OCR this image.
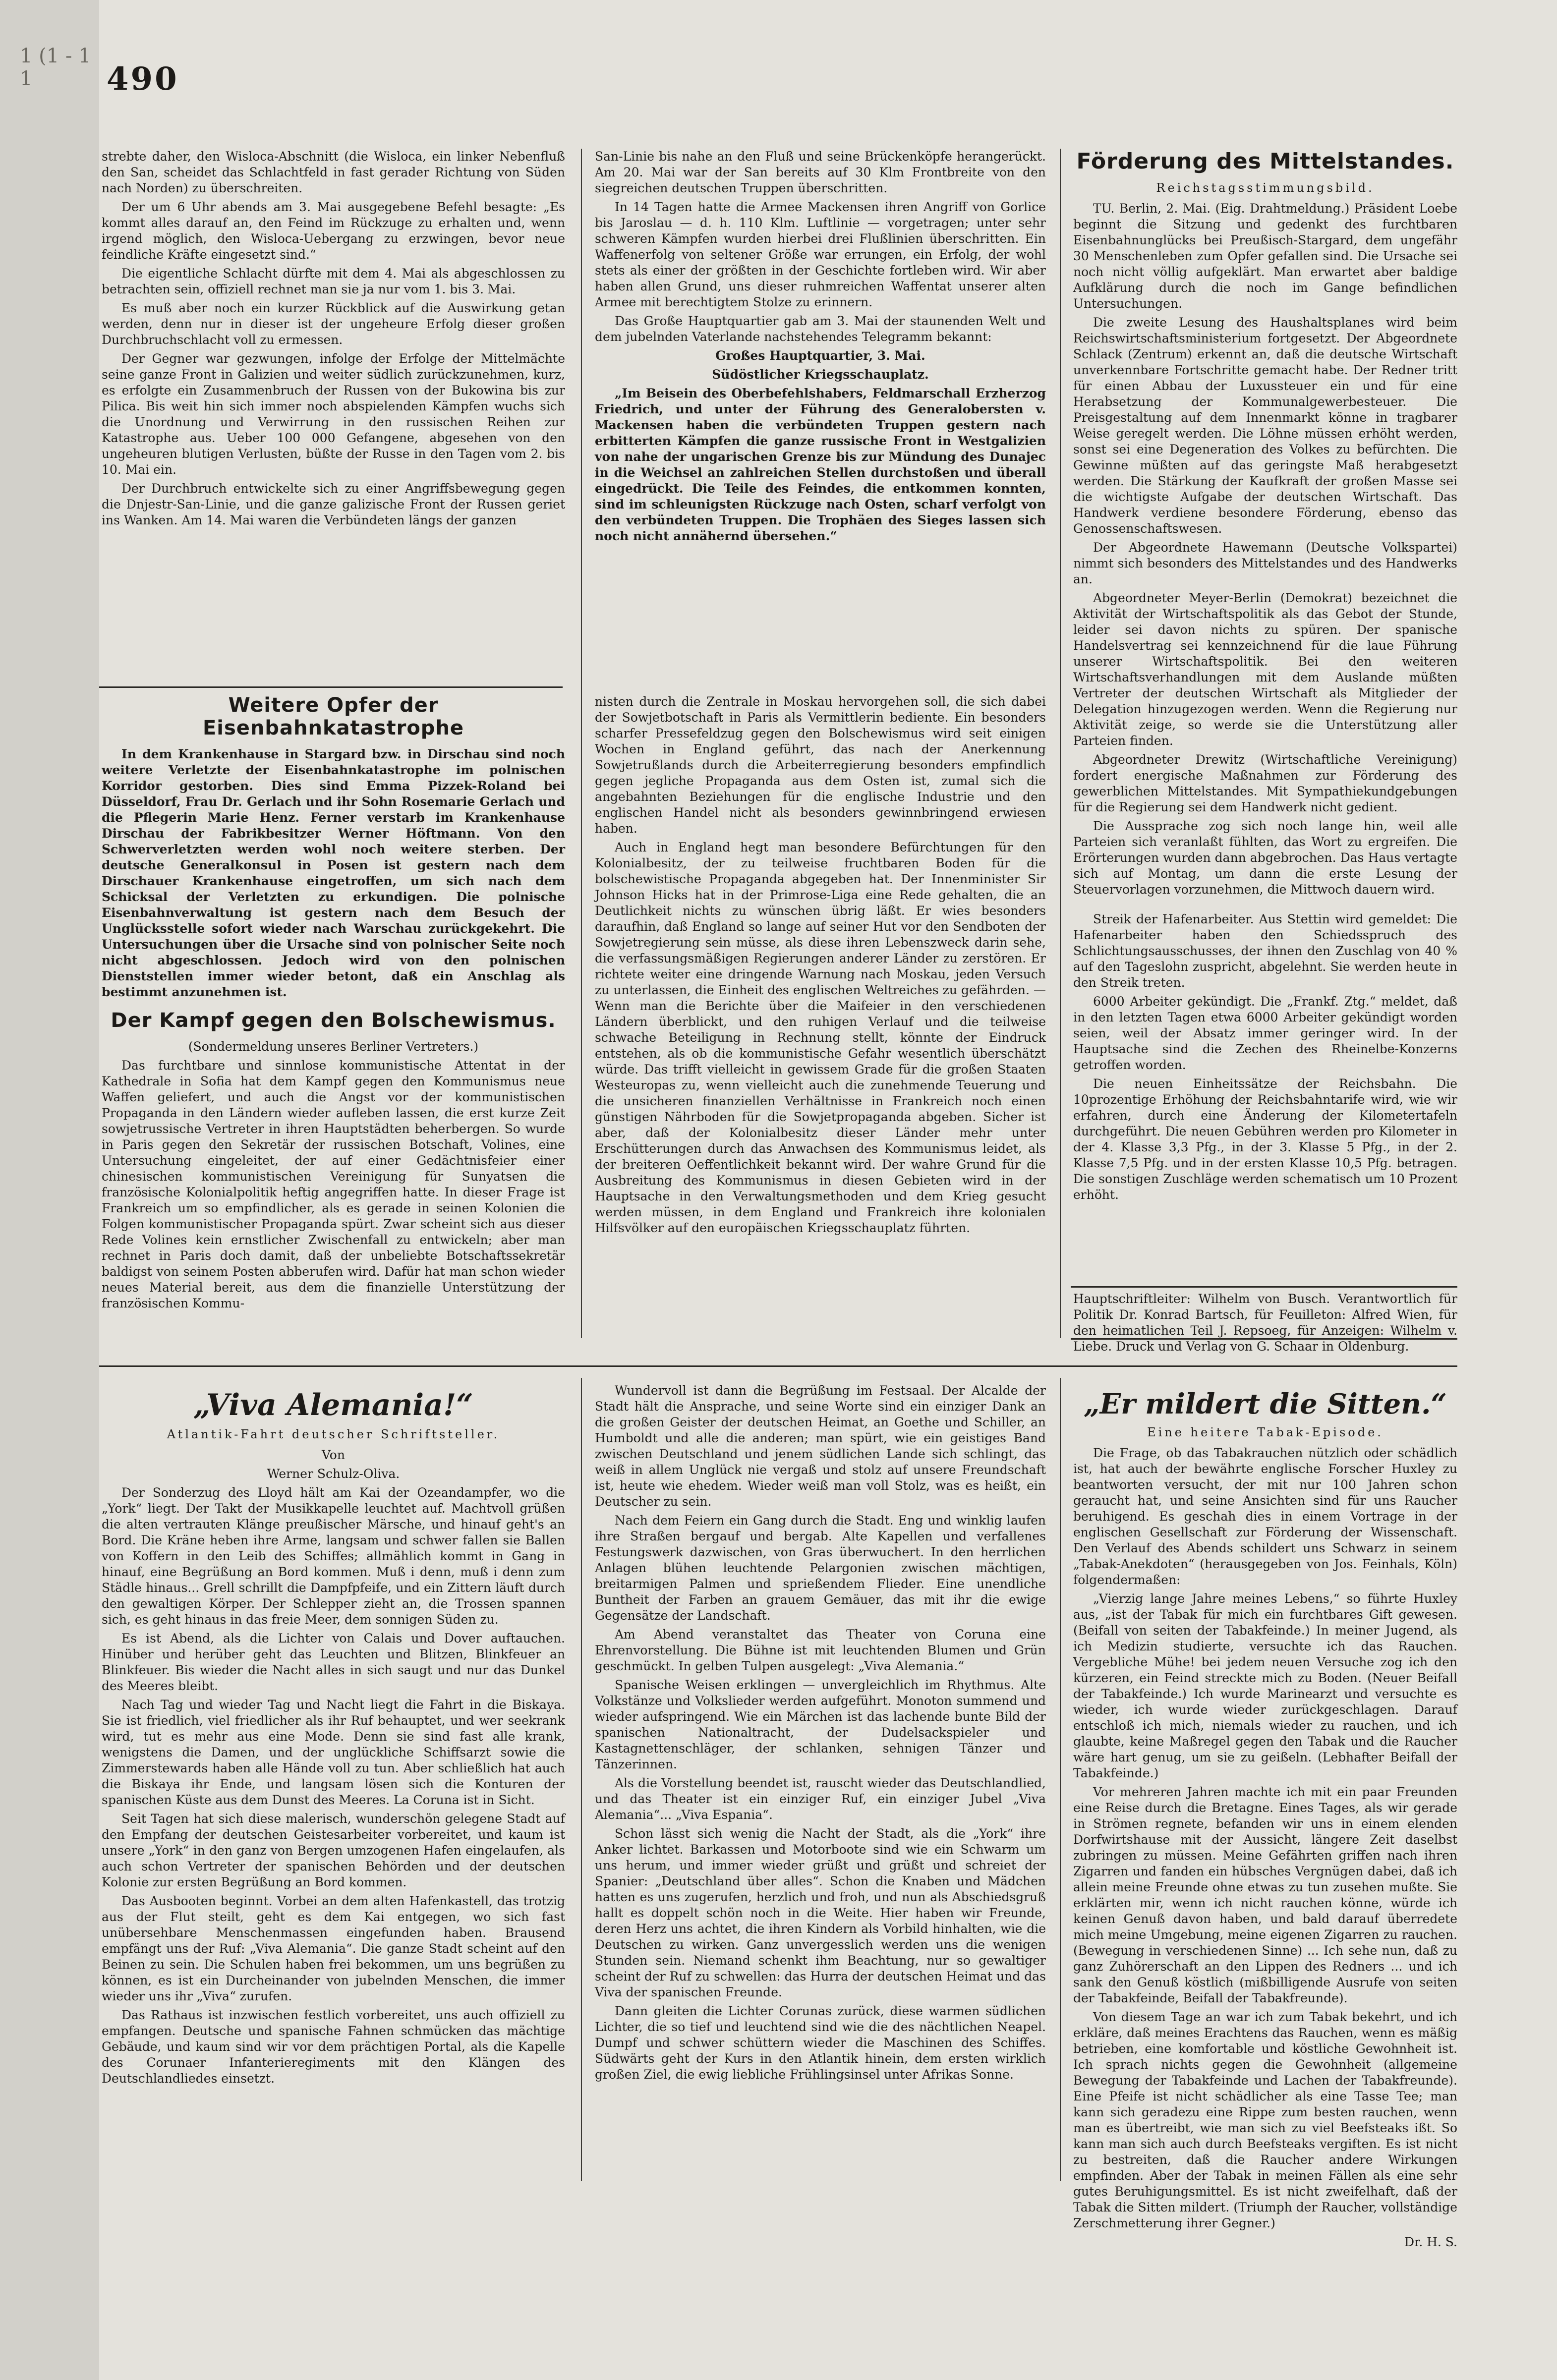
1 (1 - 1 1	490

strebte daher, den Wisloca-Abschnitt (die Wisloca, ein linker Nebenfluß den San, scheidet das Schlachtfeld in fast gerader Richtung von Süden nach Norden) zu überschreiten.

Der um 6 Uhr abends am 3. Mai ausgegebene Befehl besagte: „Es kommt alles darauf an, den Feind im Rückzuge zu erhalten und, wenn irgend möglich, den Wisloca-Uebergang zu erzwingen, bevor neue feindliche Kräfte eingesetzt sind.“

Die eigentliche Schlacht dürfte mit dem 4. Mai als abgeschlossen zu betrachten sein, offiziell rechnet man sie ja nur vom 1. bis 3. Mai.

Es muß aber noch ein kurzer Rückblick auf die Auswirkung getan werden, denn nur in dieser ist der ungeheure Erfolg dieser großen Durchbruchschlacht voll zu ermessen.

Der Gegner war gezwungen, infolge der Erfolge der Mittelmächte seine ganze Front in Galizien und weiter südlich zurückzunehmen, kurz, es erfolgte ein Zusammenbruch der Russen von der Bukowina bis zur Pilica. Bis weit hin sich immer noch abspielenden Kämpfen wuchs sich die Unordnung und Verwirrung in den russischen Reihen zur Katastrophe aus. Ueber 100 000 Gefangene, abgesehen von den ungeheuren blutigen Verlusten, büßte der Russe in den Tagen vom 2. bis 10. Mai ein.

Der Durchbruch entwickelte sich zu einer Angriffsbewegung gegen die Dnjestr-San-Linie, und die ganze galizische Front der Russen geriet ins Wanken. Am 14. Mai waren die Verbündeten längs der ganzen

San-Linie bis nahe an den Fluß und seine Brückenköpfe herangerückt. Am 20. Mai war der San bereits auf 30 Klm Frontbreite von den siegreichen deutschen Truppen überschritten.

In 14 Tagen hatte die Armee Mackensen ihren Angriff von Gorlice bis Jaroslau — d. h. 110 Klm. Luftlinie — vorgetragen; unter sehr schweren Kämpfen wurden hierbei drei Flußlinien überschritten. Ein Waffenerfolg von seltener Größe war errungen, ein Erfolg, der wohl stets als einer der größten in der Geschichte fortleben wird. Wir aber haben allen Grund, uns dieser ruhmreichen Waffentat unserer alten Armee mit berechtigtem Stolze zu erinnern.

Das Große Hauptquartier gab am 3. Mai der staunenden Welt und dem jubelnden Vaterlande nachstehendes Telegramm bekannt:

Großes Hauptquartier, 3. Mai.

Südöstlicher Kriegsschauplatz.

„Im Beisein des Oberbefehlshabers, Feldmarschall Erzherzog Friedrich, und unter der Führung des Generalobersten v. Mackensen haben die verbündeten Truppen gestern nach erbitterten Kämpfen die ganze russische Front in Westgalizien von nahe der ungarischen Grenze bis zur Mündung des Dunajec in die Weichsel an zahlreichen Stellen durchstoßen und überall eingedrückt. Die Teile des Feindes, die entkommen konnten, sind im schleunigsten Rückzuge nach Osten, scharf verfolgt von den verbündeten Truppen. Die Trophäen des Sieges lassen sich noch nicht annähernd übersehen.“

Förderung des Mittelstandes.
Reichstagsstimmungsbild.

TU. Berlin, 2. Mai. (Eig. Drahtmeldung.) Präsident Loebe beginnt die Sitzung und gedenkt des furchtbaren Eisenbahnunglücks bei Preußisch-Stargard, dem ungefähr 30 Menschenleben zum Opfer gefallen sind. Die Ursache sei noch nicht völlig aufgeklärt. Man erwartet aber baldige Aufklärung durch die noch im Gange befindlichen Untersuchungen.

Die zweite Lesung des Haushaltsplanes wird beim Reichswirtschaftsministerium fortgesetzt. Der Abgeordnete Schlack (Zentrum) erkennt an, daß die deutsche Wirtschaft unverkennbare Fortschritte gemacht habe. Der Redner tritt für einen Abbau der Luxussteuer ein und für eine Herabsetzung der Kommunalgewerbesteuer. Die Preisgestaltung auf dem Innenmarkt könne in tragbarer Weise geregelt werden. Die Löhne müssen erhöht werden, sonst sei eine Degeneration des Volkes zu befürchten. Die Gewinne müßten auf das geringste Maß herabgesetzt werden. Die Stärkung der Kaufkraft der großen Masse sei die wichtigste Aufgabe der deutschen Wirtschaft. Das Handwerk verdiene besondere Förderung, ebenso das Genossenschaftswesen.

Der Abgeordnete Hawemann (Deutsche Volkspartei) nimmt sich besonders des Mittelstandes und des Handwerks an.

Abgeordneter Meyer-Berlin (Demokrat) bezeichnet die Aktivität der Wirtschaftspolitik als das Gebot der Stunde, leider sei davon nichts zu spüren. Der spanische Handelsvertrag sei kennzeichnend für die laue Führung unserer Wirtschaftspolitik. Bei den weiteren Wirtschaftsverhandlungen mit dem Auslande müßten Vertreter der deutschen Wirtschaft als Mitglieder der Delegation hinzugezogen werden. Wenn die Regierung nur Aktivität zeige, so werde sie die Unterstützung aller Parteien finden.

Abgeordneter Drewitz (Wirtschaftliche Vereinigung) fordert energische Maßnahmen zur Förderung des gewerblichen Mittelstandes. Mit Sympathiekundgebungen für die Regierung sei dem Handwerk nicht gedient.

Die Aussprache zog sich noch lange hin, weil alle Parteien sich veranlaßt fühlten, das Wort zu ergreifen. Die Erörterungen wurden dann abgebrochen. Das Haus vertagte sich auf Montag, um dann die erste Lesung der Steuervorlagen vorzunehmen, die Mittwoch dauern wird.

Streik der Hafenarbeiter. Aus Stettin wird gemeldet: Die Hafenarbeiter haben den Schiedsspruch des Schlichtungsausschusses, der ihnen den Zuschlag von 40 % auf den Tageslohn zuspricht, abgelehnt. Sie werden heute in den Streik treten.

6000 Arbeiter gekündigt. Die „Frankf. Ztg.“ meldet, daß in den letzten Tagen etwa 6000 Arbeiter gekündigt worden seien, weil der Absatz immer geringer wird. In der Hauptsache sind die Zechen des Rheinelbe-Konzerns getroffen worden.

Die neuen Einheitssätze der Reichsbahn. Die 10prozentige Erhöhung der Reichsbahntarife wird, wie wir erfahren, durch eine Änderung der Kilometertafeln durchgeführt. Die neuen Gebühren werden pro Kilometer in der 4. Klasse 3,3 Pfg., in der 3. Klasse 5 Pfg., in der 2. Klasse 7,5 Pfg. und in der ersten Klasse 10,5 Pfg. betragen. Die sonstigen Zuschläge werden schematisch um 10 Prozent erhöht.

Hauptschriftleiter: Wilhelm von Busch. Verantwortlich für Politik Dr. Konrad Bartsch, für Feuilleton: Alfred Wien, für den heimatlichen Teil J. Repsoeg, für Anzeigen: Wilhelm v. Liebe. Druck und Verlag von G. Schaar in Oldenburg.

Weitere Opfer der Eisenbahnkatastrophe

In dem Krankenhause in Stargard bzw. in Dirschau sind noch weitere Verletzte der Eisenbahnkatastrophe im polnischen Korridor gestorben. Dies sind Emma Pizzek-Roland bei Düsseldorf, Frau Dr. Gerlach und ihr Sohn Rosemarie Gerlach und die Pflegerin Marie Henz. Ferner verstarb im Krankenhause Dirschau der Fabrikbesitzer Werner Höftmann. Von den Schwerverletzten werden wohl noch weitere sterben. Der deutsche Generalkonsul in Posen ist gestern nach dem Dirschauer Krankenhause eingetroffen, um sich nach dem Schicksal der Verletzten zu erkundigen. Die polnische Eisenbahnverwaltung ist gestern nach dem Besuch der Unglücksstelle sofort wieder nach Warschau zurückgekehrt. Die Untersuchungen über die Ursache sind von polnischer Seite noch nicht abgeschlossen. Jedoch wird von den polnischen Dienststellen immer wieder betont, daß ein Anschlag als bestimmt anzunehmen ist.

Der Kampf gegen den Bolschewismus.

(Sondermeldung unseres Berliner Vertreters.)

Das furchtbare und sinnlose kommunistische Attentat in der Kathedrale in Sofia hat dem Kampf gegen den Kommunismus neue Waffen geliefert, und auch die Angst vor der kommunistischen Propaganda in den Ländern wieder aufleben lassen, die erst kurze Zeit sowjetrussische Vertreter in ihren Hauptstädten beherbergen. So wurde in Paris gegen den Sekretär der russischen Botschaft, Volines, eine Untersuchung eingeleitet, der auf einer Gedächtnisfeier einer chinesischen kommunistischen Vereinigung für Sunyatsen die französische Kolonialpolitik heftig angegriffen hatte. In dieser Frage ist Frankreich um so empfindlicher, als es gerade in seinen Kolonien die Folgen kommunistischer Propaganda spürt. Zwar scheint sich aus dieser Rede Volines kein ernstlicher Zwischenfall zu entwickeln; aber man rechnet in Paris doch damit, daß der unbeliebte Botschaftssekretär baldigst von seinem Posten abberufen wird. Dafür hat man schon wieder neues Material bereit, aus dem die finanzielle Unterstützung der französischen Kommu-

nisten durch die Zentrale in Moskau hervorgehen soll, die sich dabei der Sowjetbotschaft in Paris als Vermittlerin bediente. Ein besonders scharfer Pressefeldzug gegen den Bolschewismus wird seit einigen Wochen in England geführt, das nach der Anerkennung Sowjetrußlands durch die Arbeiterregierung besonders empfindlich gegen jegliche Propaganda aus dem Osten ist, zumal sich die angebahnten Beziehungen für die englische Industrie und den englischen Handel nicht als besonders gewinnbringend erwiesen haben.

Auch in England hegt man besondere Befürchtungen für den Kolonialbesitz, der zu teilweise fruchtbaren Boden für die bolschewistische Propaganda abgegeben hat. Der Innenminister Sir Johnson Hicks hat in der Primrose-Liga eine Rede gehalten, die an Deutlichkeit nichts zu wünschen übrig läßt. Er wies besonders daraufhin, daß England so lange auf seiner Hut vor den Sendboten der Sowjetregierung sein müsse, als diese ihren Lebenszweck darin sehe, die verfassungsmäßigen Regierungen anderer Länder zu zerstören. Er richtete weiter eine dringende Warnung nach Moskau, jeden Versuch zu unterlassen, die Einheit des englischen Weltreiches zu gefährden. — Wenn man die Berichte über die Maifeier in den verschiedenen Ländern überblickt, und den ruhigen Verlauf und die teilweise schwache Beteiligung in Rechnung stellt, könnte der Eindruck entstehen, als ob die kommunistische Gefahr wesentlich überschätzt würde. Das trifft vielleicht in gewissem Grade für die großen Staaten Westeuropas zu, wenn vielleicht auch die zunehmende Teuerung und die unsicheren finanziellen Verhältnisse in Frankreich noch einen günstigen Nährboden für die Sowjetpropaganda abgeben. Sicher ist aber, daß der Kolonialbesitz dieser Länder mehr unter Erschütterungen durch das Anwachsen des Kommunismus leidet, als der breiteren Oeffentlichkeit bekannt wird. Der wahre Grund für die Ausbreitung des Kommunismus in diesen Gebieten wird in der Hauptsache in den Verwaltungsmethoden und dem Krieg gesucht werden müssen, in dem England und Frankreich ihre kolonialen Hilfsvölker auf den europäischen Kriegsschauplatz führten.

„Viva Alemania!“
Atlantik-Fahrt deutscher Schriftsteller.

Von

Werner Schulz-Oliva.

Der Sonderzug des Lloyd hält am Kai der Ozeandampfer, wo die „York“ liegt. Der Takt der Musikkapelle leuchtet auf. Machtvoll grüßen die alten vertrauten Klänge preußischer Märsche, und hinauf geht's an Bord. Die Kräne heben ihre Arme, langsam und schwer fallen sie Ballen von Koffern in den Leib des Schiffes; allmählich kommt in Gang in hinauf, eine Begrüßung an Bord kommen. Muß i denn, muß i denn zum Städle hinaus... Grell schrillt die Dampfpfeife, und ein Zittern läuft durch den gewaltigen Körper. Der Schlepper zieht an, die Trossen spannen sich, es geht hinaus in das freie Meer, dem sonnigen Süden zu.

Es ist Abend, als die Lichter von Calais und Dover auftauchen. Hinüber und herüber geht das Leuchten und Blitzen, Blinkfeuer an Blinkfeuer. Bis wieder die Nacht alles in sich saugt und nur das Dunkel des Meeres bleibt.

Nach Tag und wieder Tag und Nacht liegt die Fahrt in die Biskaya. Sie ist friedlich, viel friedlicher als ihr Ruf behauptet, und wer seekrank wird, tut es mehr aus eine Mode. Denn sie sind fast alle krank, wenigstens die Damen, und der unglückliche Schiffsarzt sowie die Zimmerstewards haben alle Hände voll zu tun. Aber schließlich hat auch die Biskaya ihr Ende, und langsam lösen sich die Konturen der spanischen Küste aus dem Dunst des Meeres. La Coruna ist in Sicht.

Seit Tagen hat sich diese malerisch, wunderschön gelegene Stadt auf den Empfang der deutschen Geistesarbeiter vorbereitet, und kaum ist unsere „York“ in den ganz von Bergen umzogenen Hafen eingelaufen, als auch schon Vertreter der spanischen Behörden und der deutschen Kolonie zur ersten Begrüßung an Bord kommen.

Das Ausbooten beginnt. Vorbei an dem alten Hafenkastell, das trotzig aus der Flut steilt, geht es dem Kai entgegen, wo sich fast unübersehbare Menschenmassen eingefunden haben. Brausend empfängt uns der Ruf: „Viva Alemania“. Die ganze Stadt scheint auf den Beinen zu sein. Die Schulen haben frei bekommen, um uns begrüßen zu können, es ist ein Durcheinander von jubelnden Menschen, die immer wieder uns ihr „Viva“ zurufen.

Das Rathaus ist inzwischen festlich vorbereitet, uns auch offiziell zu empfangen. Deutsche und spanische Fahnen schmücken das mächtige Gebäude, und kaum sind wir vor dem prächtigen Portal, als die Kapelle des Corunaer Infanterieregiments mit den Klängen des Deutschlandliedes einsetzt.

Wundervoll ist dann die Begrüßung im Festsaal. Der Alcalde der Stadt hält die Ansprache, und seine Worte sind ein einziger Dank an die großen Geister der deutschen Heimat, an Goethe und Schiller, an Humboldt und alle die anderen; man spürt, wie ein geistiges Band zwischen Deutschland und jenem südlichen Lande sich schlingt, das weiß in allem Unglück nie vergaß und stolz auf unsere Freundschaft ist, heute wie ehedem. Wieder weiß man voll Stolz, was es heißt, ein Deutscher zu sein.

Nach dem Feiern ein Gang durch die Stadt. Eng und winklig laufen ihre Straßen bergauf und bergab. Alte Kapellen und verfallenes Festungswerk dazwischen, von Gras überwuchert. In den herrlichen Anlagen blühen leuchtende Pelargonien zwischen mächtigen, breitarmigen Palmen und sprießendem Flieder. Eine unendliche Buntheit der Farben an grauem Gemäuer, das mit ihr die ewige Gegensätze der Landschaft.

Am Abend veranstaltet das Theater von Coruna eine Ehrenvorstellung. Die Bühne ist mit leuchtenden Blumen und Grün geschmückt. In gelben Tulpen ausgelegt: „Viva Alemania.“

Spanische Weisen erklingen — unvergleichlich im Rhythmus. Alte Volkstänze und Volkslieder werden aufgeführt. Monoton summend und wieder aufspringend. Wie ein Märchen ist das lachende bunte Bild der spanischen Nationaltracht, der Dudelsackspieler und Kastagnettenschläger, der schlanken, sehnigen Tänzer und Tänzerinnen.

Als die Vorstellung beendet ist, rauscht wieder das Deutschlandlied, und das Theater ist ein einziger Ruf, ein einziger Jubel „Viva Alemania“... „Viva Espania“.

Schon lässt sich wenig die Nacht der Stadt, als die „York“ ihre Anker lichtet. Barkassen und Motorboote sind wie ein Schwarm um uns herum, und immer wieder grüßt und grüßt und schreiet der Spanier: „Deutschland über alles“. Schon die Knaben und Mädchen hatten es uns zugerufen, herzlich und froh, und nun als Abschiedsgruß hallt es doppelt schön noch in die Weite. Hier haben wir Freunde, deren Herz uns achtet, die ihren Kindern als Vorbild hinhalten, wie die Deutschen zu wirken. Ganz unvergesslich werden uns die wenigen Stunden sein. Niemand schenkt ihm Beachtung, nur so gewaltiger scheint der Ruf zu schwellen: das Hurra der deutschen Heimat und das Viva der spanischen Freunde.

Dann gleiten die Lichter Corunas zurück, diese warmen südlichen Lichter, die so tief und leuchtend sind wie die des nächtlichen Neapel. Dumpf und schwer schüttern wieder die Maschinen des Schiffes. Südwärts geht der Kurs in den Atlantik hinein, dem ersten wirklich großen Ziel, die ewig liebliche Frühlingsinsel unter Afrikas Sonne.

„Er mildert die Sitten.“
Eine heitere Tabak-Episode.

Die Frage, ob das Tabakrauchen nützlich oder schädlich ist, hat auch der bewährte englische Forscher Huxley zu beantworten versucht, der mit nur 100 Jahren schon geraucht hat, und seine Ansichten sind für uns Raucher beruhigend. Es geschah dies in einem Vortrage in der englischen Gesellschaft zur Förderung der Wissenschaft. Den Verlauf des Abends schildert uns Schwarz in seinem „Tabak-Anekdoten“ (herausgegeben von Jos. Feinhals, Köln) folgendermaßen:

„Vierzig lange Jahre meines Lebens,“ so führte Huxley aus, „ist der Tabak für mich ein furchtbares Gift gewesen. (Beifall von seiten der Tabakfeinde.) In meiner Jugend, als ich Medizin studierte, versuchte ich das Rauchen. Vergebliche Mühe! bei jedem neuen Versuche zog ich den kürzeren, ein Feind streckte mich zu Boden. (Neuer Beifall der Tabakfeinde.) Ich wurde Marinearzt und versuchte es wieder, ich wurde wieder zurückgeschlagen. Darauf entschloß ich mich, niemals wieder zu rauchen, und ich glaubte, keine Maßregel gegen den Tabak und die Raucher wäre hart genug, um sie zu geißeln. (Lebhafter Beifall der Tabakfeinde.)

Vor mehreren Jahren machte ich mit ein paar Freunden eine Reise durch die Bretagne. Eines Tages, als wir gerade in Strömen regnete, befanden wir uns in einem elenden Dorfwirtshause mit der Aussicht, längere Zeit daselbst zubringen zu müssen. Meine Gefährten griffen nach ihren Zigarren und fanden ein hübsches Vergnügen dabei, daß ich allein meine Freunde ohne etwas zu tun zusehen mußte. Sie erklärten mir, wenn ich nicht rauchen könne, würde ich keinen Genuß davon haben, und bald darauf überredete mich meine Umgebung, meine eigenen Zigarren zu rauchen. (Bewegung in verschiedenen Sinne) ... Ich sehe nun, daß zu ganz Zuhörerschaft an den Lippen des Redners ... und ich sank den Genuß köstlich (mißbilligende Ausrufe von seiten der Tabakfeinde, Beifall der Tabakfreunde).

Von diesem Tage an war ich zum Tabak bekehrt, und ich erkläre, daß meines Erachtens das Rauchen, wenn es mäßig betrieben, eine komfortable und köstliche Gewohnheit ist. Ich sprach nichts gegen die Gewohnheit (allgemeine Bewegung der Tabakfeinde und Lachen der Tabakfreunde). Eine Pfeife ist nicht schädlicher als eine Tasse Tee; man kann sich geradezu eine Rippe zum besten rauchen, wenn man es übertreibt, wie man sich zu viel Beefsteaks ißt. So kann man sich auch durch Beefsteaks vergiften. Es ist nicht zu bestreiten, daß die Raucher andere Wirkungen empfinden. Aber der Tabak in meinen Fällen als eine sehr gutes Beruhigungsmittel. Es ist nicht zweifelhaft, daß der Tabak die Sitten mildert. (Triumph der Raucher, vollständige Zerschmetterung ihrer Gegner.)

Dr. H. S.
